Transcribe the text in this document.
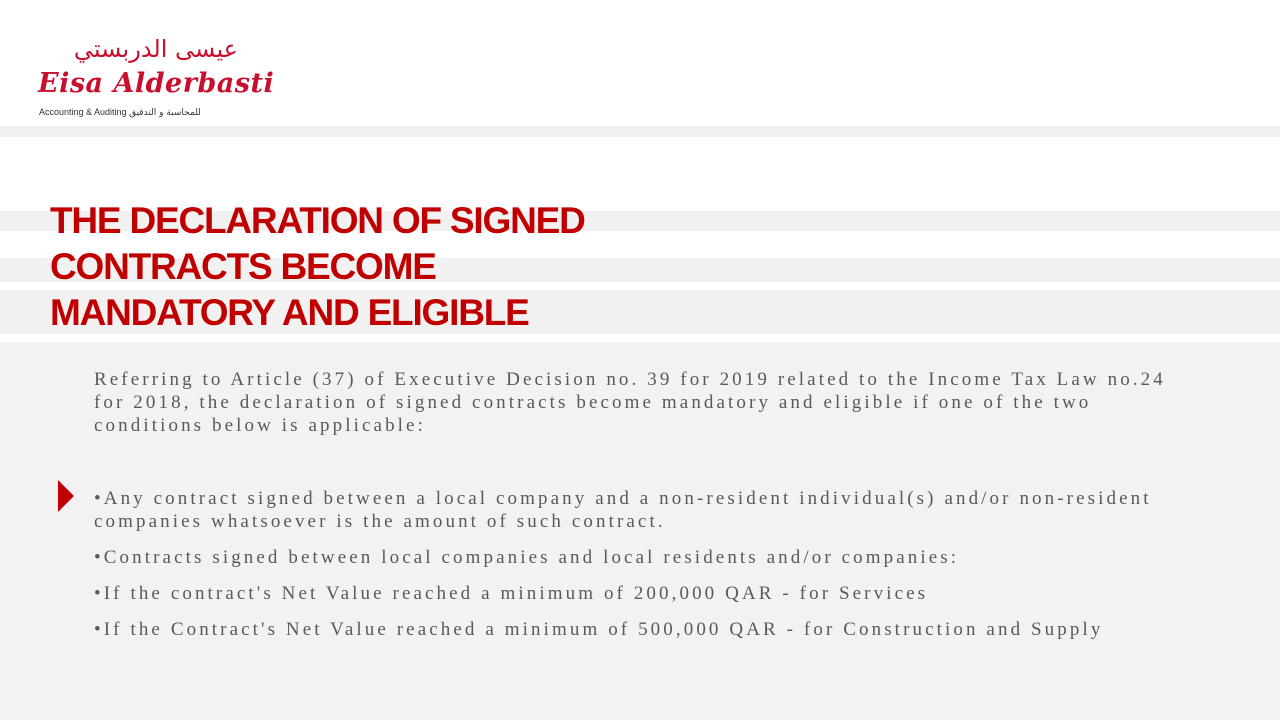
عيسى الدربستي

Eisa Alderbasti

Accounting & Auditing للمحاسبة و التدقيق

THE DECLARATION OF SIGNED
CONTRACTS BECOME
MANDATORY AND ELIGIBLE

Referring to Article (37) of Executive Decision no. 39 for 2019 related to the Income Tax Law no.24 for 2018, the declaration of signed contracts become mandatory and eligible if one of the two conditions below is applicable:

•Any contract signed between a local company and a non-resident individual(s) and/or non-resident companies whatsoever is the amount of such contract.
•Contracts signed between local companies and local residents and/or companies:
•If the contract's Net Value reached a minimum of 200,000 QAR - for Services
•If the Contract's Net Value reached a minimum of 500,000 QAR - for Construction and Supply
